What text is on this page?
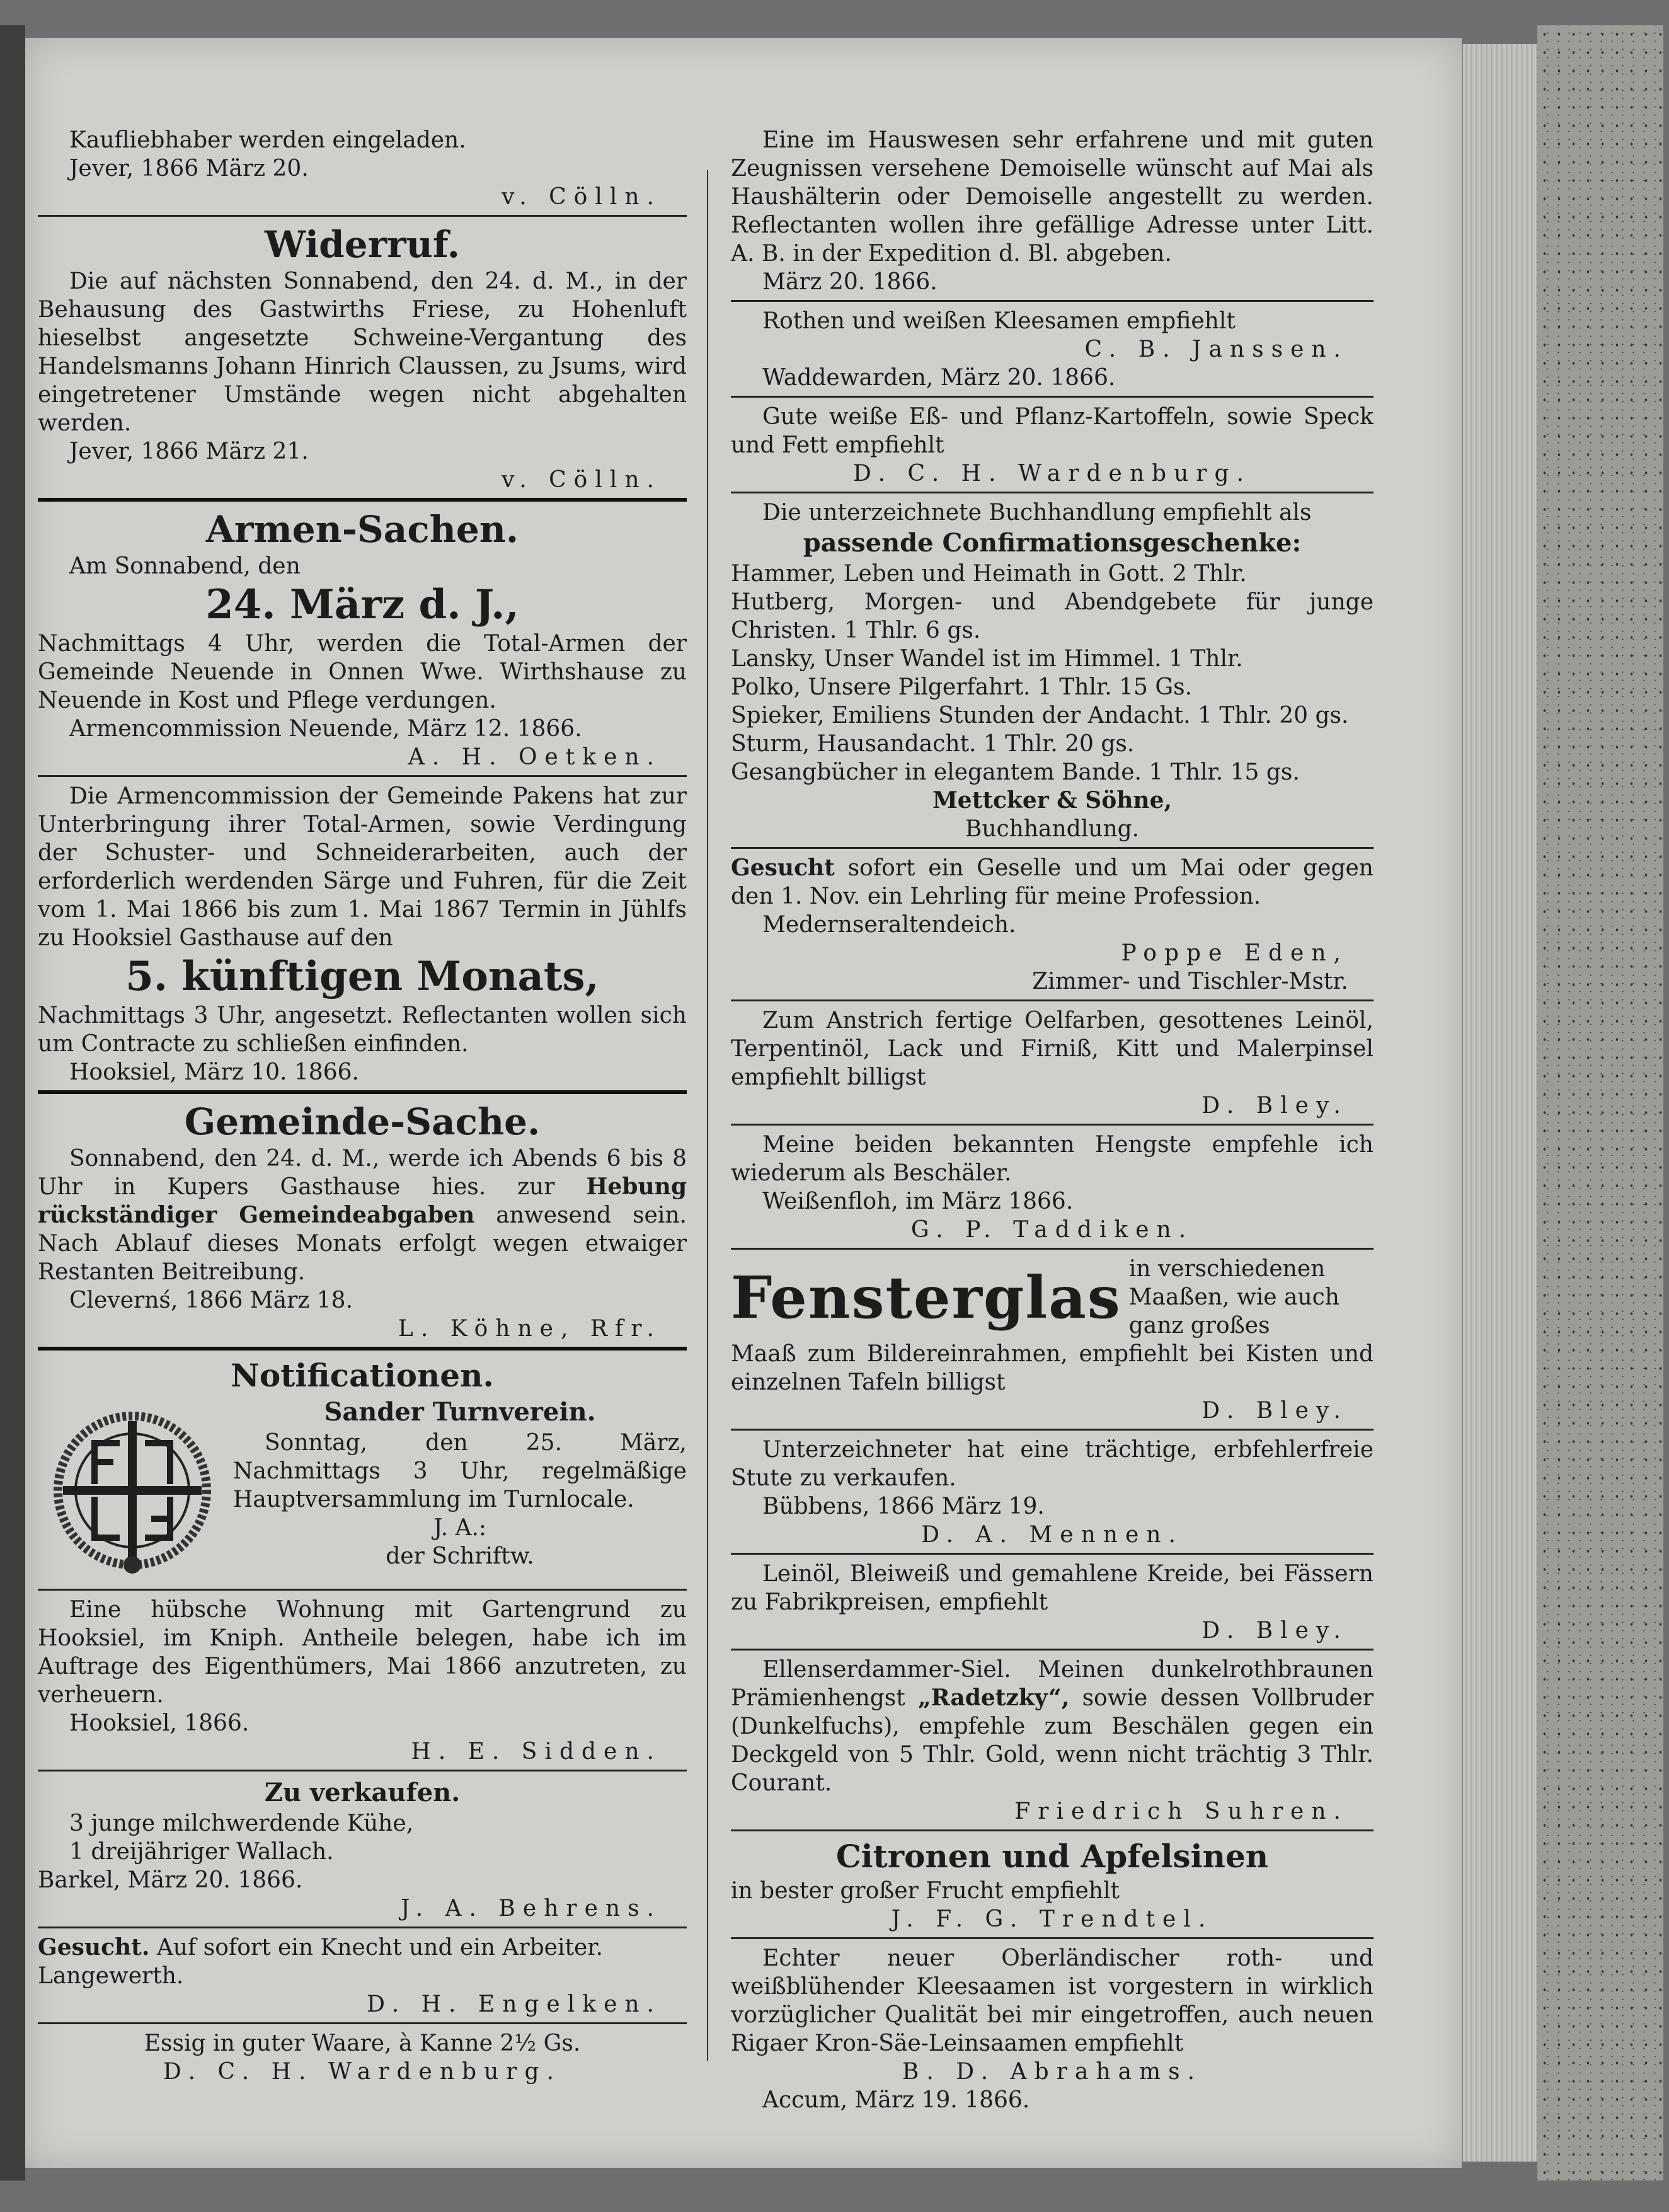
Kaufliebhaber werden eingeladen.

Jever, 1866 März 20.

v. Cölln.

Widerruf.

Die auf nächsten Sonnabend, den 24. d. M., in der Behausung des Gastwirths Friese, zu Hohenluft hieselbst angesetzte Schweine-Vergantung des Handelsmanns Johann Hinrich Claussen, zu Jsums, wird eingetretener Umstände wegen nicht abgehalten werden.

Jever, 1866 März 21.

v. Cölln.

Armen-Sachen.

Am Sonnabend, den

24. März d. J.,

Nachmittags 4 Uhr, werden die Total-Armen der Gemeinde Neuende in Onnen Wwe. Wirthshause zu Neuende in Kost und Pflege verdungen.

Armencommission Neuende, März 12. 1866.

A. H. Oetken.

Die Armencommission der Gemeinde Pakens hat zur Unterbringung ihrer Total-Armen, sowie Verdingung der Schuster- und Schneiderarbeiten, auch der erforderlich werdenden Särge und Fuhren, für die Zeit vom 1. Mai 1866 bis zum 1. Mai 1867 Termin in Jühlfs zu Hooksiel Gasthause auf den

5. künftigen Monats,

Nachmittags 3 Uhr, angesetzt. Reflectanten wollen sich um Contracte zu schließen einfinden.

Hooksiel, März 10. 1866.

Gemeinde-Sache.

Sonnabend, den 24. d. M., werde ich Abends 6 bis 8 Uhr in Kupers Gasthause hies. zur Hebung rückständiger Gemeindeabgaben anwesend sein. Nach Ablauf dieses Monats erfolgt wegen etwaiger Restanten Beitreibung.

Clevernś, 1866 März 18.

L. Köhne, Rfr.

Notificationen.

Sander Turnverein.

Sonntag, den 25. März, Nachmittags 3 Uhr, regelmäßige Hauptversammlung im Turnlocale.

J. A.:

der Schriftw.

Eine hübsche Wohnung mit Gartengrund zu Hooksiel, im Kniph. Antheile belegen, habe ich im Auftrage des Eigenthümers, Mai 1866 anzutreten, zu verheuern.

Hooksiel, 1866.

H. E. Sidden.

Zu verkaufen.

3 junge milchwerdende Kühe,

1 dreijähriger Wallach.

Barkel, März 20. 1866.

J. A. Behrens.

Gesucht. Auf sofort ein Knecht und ein Arbeiter.

Langewerth.

D. H. Engelken.

Essig in guter Waare, à Kanne 2½ Gs.

D. C. H. Wardenburg.

Eine im Hauswesen sehr erfahrene und mit guten Zeugnissen versehene Demoiselle wünscht auf Mai als Haushälterin oder Demoiselle angestellt zu werden. Reflectanten wollen ihre gefällige Adresse unter Litt. A. B. in der Expedition d. Bl. abgeben.

März 20. 1866.

Rothen und weißen Kleesamen empfiehlt

C. B. Janssen.

Waddewarden, März 20. 1866.

Gute weiße Eß- und Pflanz-Kartoffeln, sowie Speck und Fett empfiehlt

D. C. H. Wardenburg.

Die unterzeichnete Buchhandlung empfiehlt als

passende Confirmationsgeschenke:

Hammer, Leben und Heimath in Gott. 2 Thlr.

Hutberg, Morgen- und Abendgebete für junge Christen. 1 Thlr. 6 gs.

Lansky, Unser Wandel ist im Himmel. 1 Thlr.

Polko, Unsere Pilgerfahrt. 1 Thlr. 15 Gs.

Spieker, Emiliens Stunden der Andacht. 1 Thlr. 20 gs.

Sturm, Hausandacht. 1 Thlr. 20 gs.

Gesangbücher in elegantem Bande. 1 Thlr. 15 gs.

Mettcker & Söhne,

Buchhandlung.

Gesucht sofort ein Geselle und um Mai oder gegen den 1. Nov. ein Lehrling für meine Profession.

Medernseraltendeich.

Poppe Eden,

Zimmer- und Tischler-Mstr.

Zum Anstrich fertige Oelfarben, gesottenes Leinöl, Terpentinöl, Lack und Firniß, Kitt und Malerpinsel empfiehlt billigst

D. Bley.

Meine beiden bekannten Hengste empfehle ich wiederum als Beschäler.

Weißenfloh, im März 1866.

G. P. Taddiken.

Fensterglas in verschiedenen Maaßen, wie auch ganz großes

Maaß zum Bildereinrahmen, empfiehlt bei Kisten und einzelnen Tafeln billigst

D. Bley.

Unterzeichneter hat eine trächtige, erbfehlerfreie Stute zu verkaufen.

Bübbens, 1866 März 19.

D. A. Mennen.

Leinöl, Bleiweiß und gemahlene Kreide, bei Fässern zu Fabrikpreisen, empfiehlt

D. Bley.

Ellenserdammer-Siel. Meinen dunkelrothbraunen Prämienhengst „Radetzky“, sowie dessen Vollbruder (Dunkelfuchs), empfehle zum Beschälen gegen ein Deckgeld von 5 Thlr. Gold, wenn nicht trächtig 3 Thlr. Courant.

Friedrich Suhren.

Citronen und Apfelsinen

in bester großer Frucht empfiehlt

J. F. G. Trendtel.

Echter neuer Oberländischer roth- und weißblühender Kleesaamen ist vorgestern in wirklich vorzüglicher Qualität bei mir eingetroffen, auch neuen Rigaer Kron-Säe-Leinsaamen empfiehlt

B. D. Abrahams.

Accum, März 19. 1866.
